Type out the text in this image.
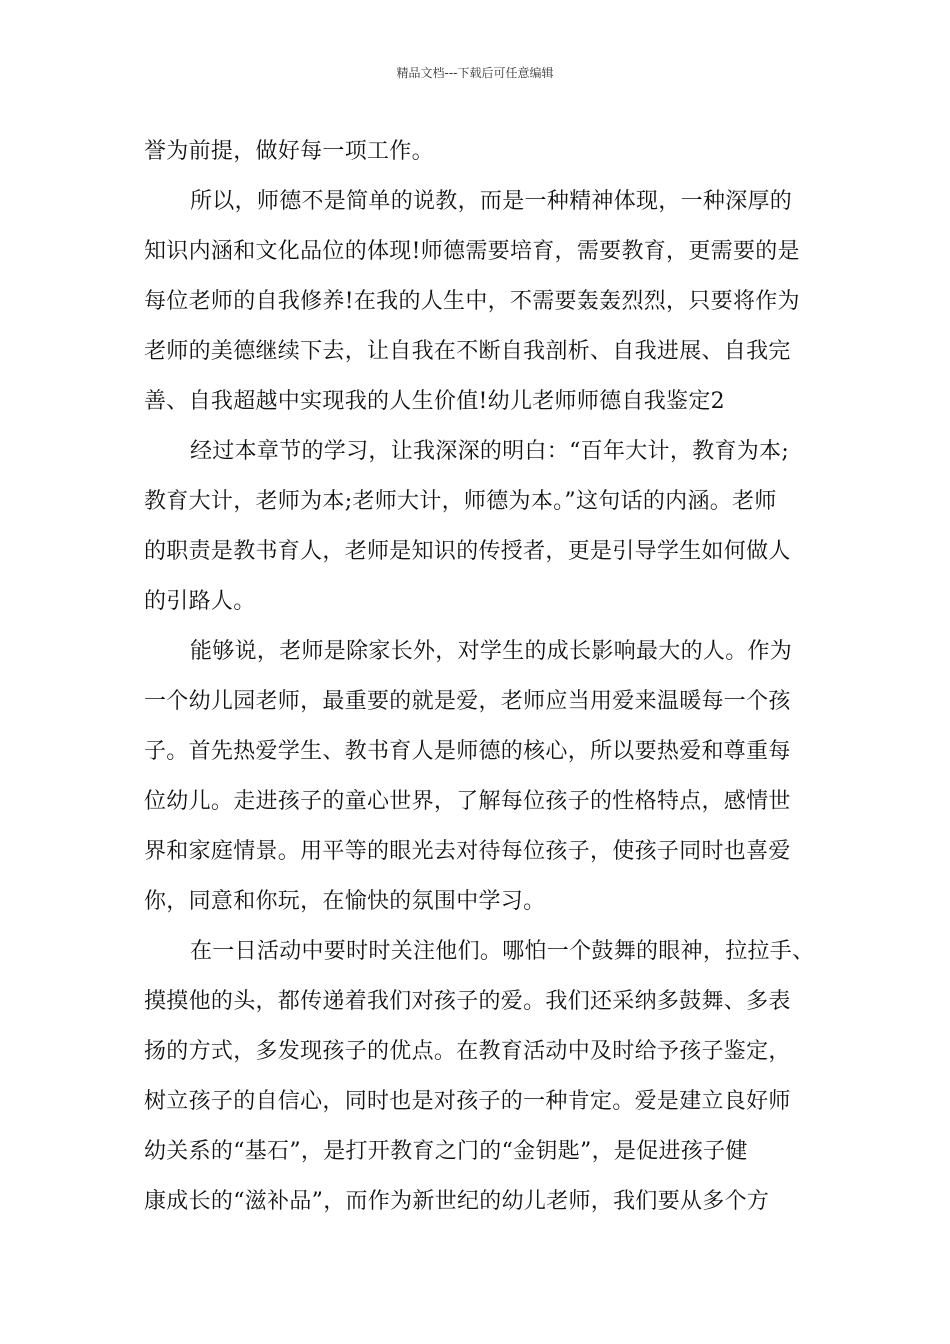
精品文档---下载后可任意编辑
誉为前提，做好每一项工作。
所以，师德不是简单的说教，而是一种精神体现，一种深厚的
知识内涵和文化品位的体现!师德需要培育，需要教育，更需要的是
每位老师的自我修养!在我的人生中，不需要轰轰烈烈，只要将作为
老师的美德继续下去，让自我在不断自我剖析、自我进展、自我完
善、自我超越中实现我的人生价值!幼儿老师师德自我鉴定2
经过本章节的学习，让我深深的明白：“百年大计，教育为本;
教育大计，老师为本;老师大计，师德为本。”这句话的内涵。老师
的职责是教书育人，老师是知识的传授者，更是引导学生如何做人
的引路人。
能够说，老师是除家长外，对学生的成长影响最大的人。作为
一个幼儿园老师，最重要的就是爱，老师应当用爱来温暖每一个孩
子。首先热爱学生、教书育人是师德的核心，所以要热爱和尊重每
位幼儿。走进孩子的童心世界，了解每位孩子的性格特点，感情世
界和家庭情景。用平等的眼光去对待每位孩子，使孩子同时也喜爱
你，同意和你玩，在愉快的氛围中学习。
在一日活动中要时时关注他们。哪怕一个鼓舞的眼神，拉拉手、
摸摸他的头，都传递着我们对孩子的爱。我们还采纳多鼓舞、多表
扬的方式，多发现孩子的优点。在教育活动中及时给予孩子鉴定，
树立孩子的自信心，同时也是对孩子的一种肯定。爱是建立良好师
幼关系的“基石”，是打开教育之门的“金钥匙”，是促进孩子健
康成长的“滋补品”，而作为新世纪的幼儿老师，我们要从多个方
